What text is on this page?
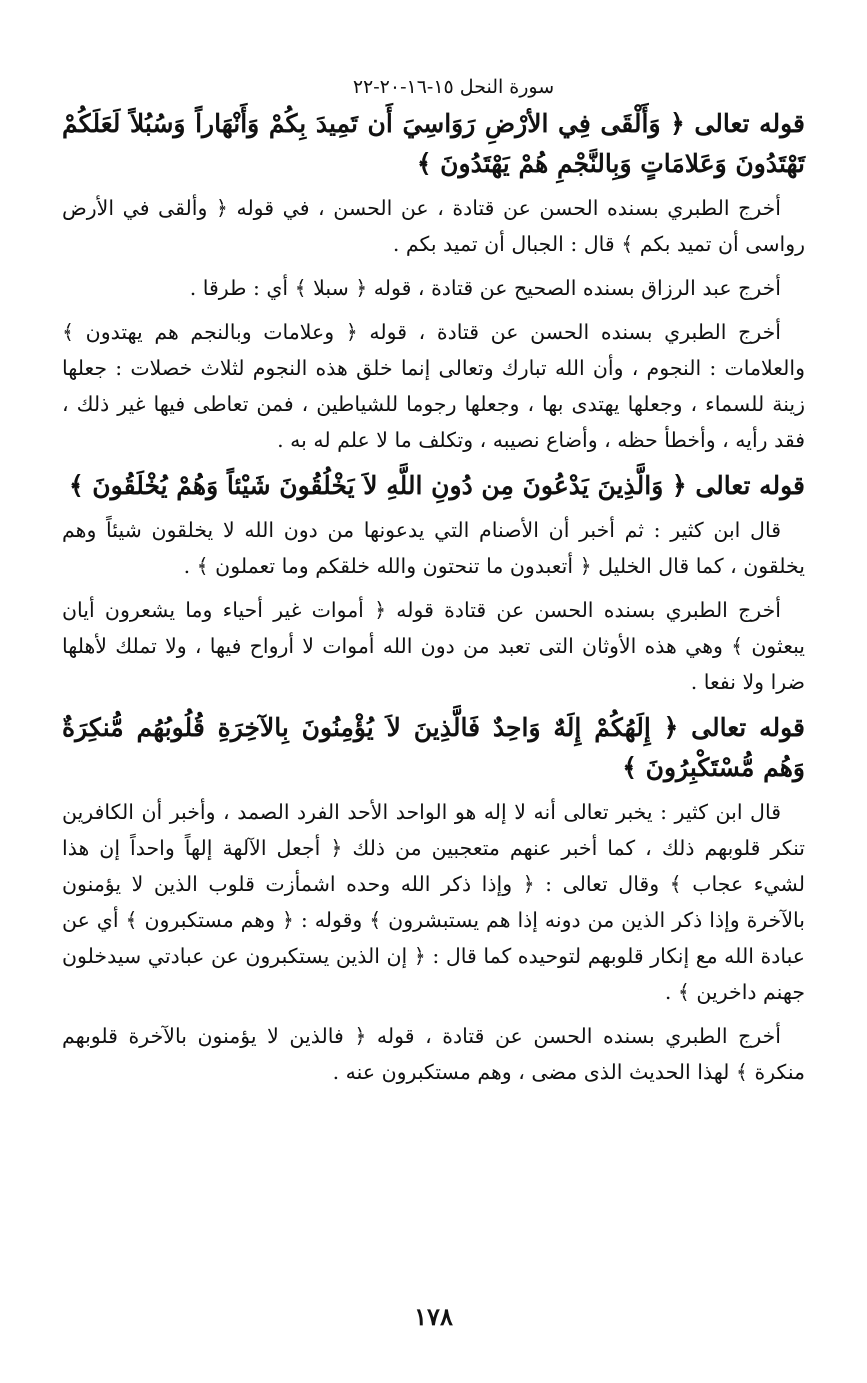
سورة النحل ١٥-١٦-٢٠-٢٢
قوله تعالى ﴿ وَأَلْقَى فِي الأرْضِ رَوَاسِيَ أَن تَمِيدَ بِكُمْ وَأَنْهَاراً وَسُبُلاً لَعَلَكُمْ تَهْتَدُونَ وَعَلامَاتٍ وَبِالنَّجْمِ هُمْ يَهْتَدُونَ ﴾

أخرج الطبري بسنده الحسن عن قتادة ، عن الحسن ، في قوله ﴿ وألقى في الأرض رواسى أن تميد بكم ﴾ قال : الجبال أن تميد بكم .

أخرج عبد الرزاق بسنده الصحيح عن قتادة ، قوله ﴿ سبلا ﴾ أي : طرقا .

أخرج الطبري بسنده الحسن عن قتادة ، قوله ﴿ وعلامات وبالنجم هم يهتدون ﴾ والعلامات : النجوم ، وأن الله تبارك وتعالى إنما خلق هذه النجوم لثلاث خصلات : جعلها زينة للسماء ، وجعلها يهتدى بها ، وجعلها رجوما للشياطين ، فمن تعاطى فيها غير ذلك ، فقد رأيه ، وأخطأ حظه ، وأضاع نصيبه ، وتكلف ما لا علم له به .

قوله تعالى ﴿ وَالَّذِينَ يَدْعُونَ مِن دُونِ اللَّهِ لاَ يَخْلُقُونَ شَيْئاً وَهُمْ يُخْلَقُونَ ﴾

قال ابن كثير : ثم أخبر أن الأصنام التي يدعونها من دون الله لا يخلقون شيئاً وهم يخلقون ، كما قال الخليل ﴿ أتعبدون ما تنحتون والله خلقكم وما تعملون ﴾ .

أخرج الطبري بسنده الحسن عن قتادة قوله ﴿ أموات غير أحياء وما يشعرون أيان يبعثون ﴾ وهي هذه الأوثان التى تعبد من دون الله أموات لا أرواح فيها ، ولا تملك لأهلها ضرا ولا نفعا .

قوله تعالى ﴿ إِلَهُكُمْ إِلَهٌ وَاحِدٌ فَالَّذِينَ لاَ يُؤْمِنُونَ بِالآخِرَةِ قُلُوبُهُم مُّنكِرَةٌ وَهُم مُّسْتَكْبِرُونَ ﴾

قال ابن كثير : يخبر تعالى أنه لا إله هو الواحد الأحد الفرد الصمد ، وأخبر أن الكافرين تنكر قلوبهم ذلك ، كما أخبر عنهم متعجبين من ذلك ﴿ أجعل الآلهة إلهاً واحداً إن هذا لشيء عجاب ﴾ وقال تعالى : ﴿ وإذا ذكر الله وحده اشمأزت قلوب الذين لا يؤمنون بالآخرة وإذا ذكر الذين من دونه إذا هم يستبشرون ﴾ وقوله : ﴿ وهم مستكبرون ﴾ أي عن عبادة الله مع إنكار قلوبهم لتوحيده كما قال : ﴿ إن الذين يستكبرون عن عبادتي سيدخلون جهنم داخرين ﴾ .

أخرج الطبري بسنده الحسن عن قتادة ، قوله ﴿ فالذين لا يؤمنون بالآخرة قلوبهم منكرة ﴾ لهذا الحديث الذى مضى ، وهم مستكبرون عنه .

١٧٨
